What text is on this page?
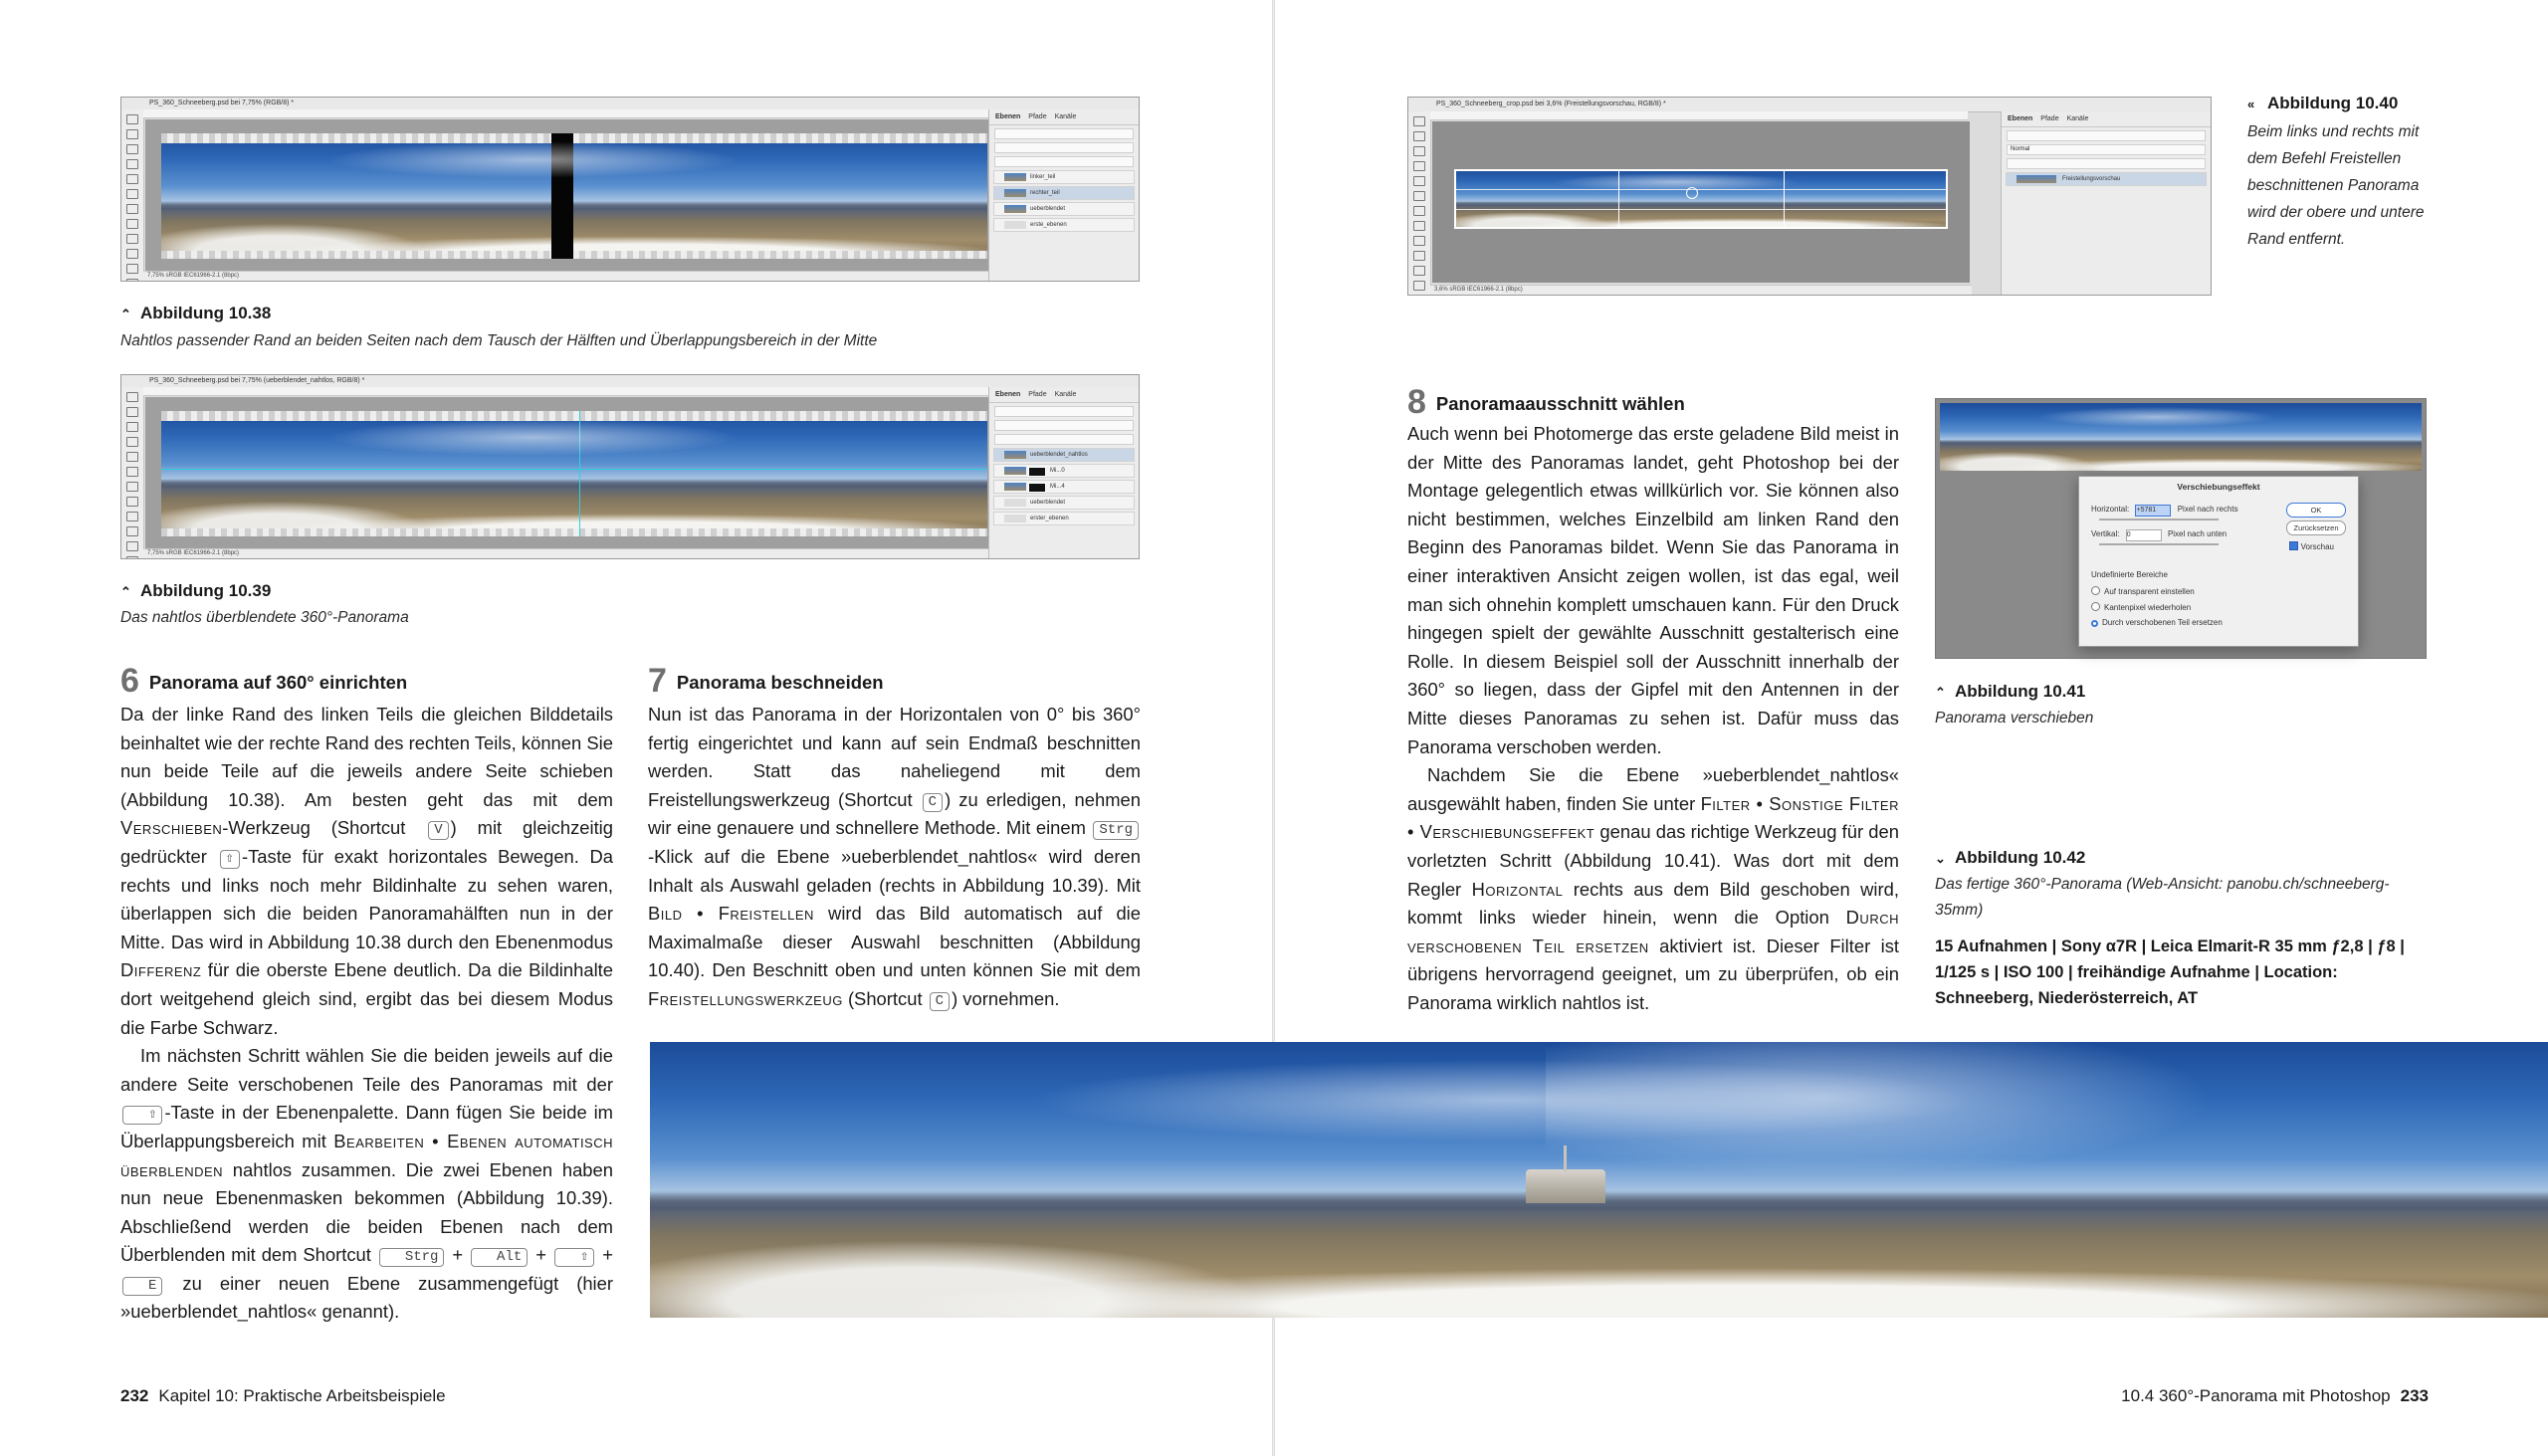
PS_360_Schneeberg.psd bei 7,75% (RGB/8) *
7,75% sRGB IEC61966-2.1 (8bpc)
Ebenen Pfade Kanäle
linker_teil
rechter_teil
ueberblendet
erste_ebenen
⌃ Abbildung 10.38
Nahtlos passender Rand an beiden Seiten nach dem Tausch der Hälften und Überlappungsbereich in der Mitte
PS_360_Schneeberg.psd bei 7,75% (ueberblendet_nahtlos, RGB/8) *
7,75% sRGB IEC61966-2.1 (8bpc)
Ebenen Pfade Kanäle
ueberblendet_nahtlos
Mi...0
Mi...4
ueberblendet
erster_ebenen
⌃ Abbildung 10.39
Das nahtlos überblendete 360°-Panorama
6 Panorama auf 360° einrichten

Da der linke Rand des linken Teils die gleichen Bilddetails beinhaltet wie der rechte Rand des rechten Teils, können Sie nun beide Teile auf die jeweils andere Seite schieben (Abbildung 10.38). Am besten geht das mit dem Verschieben-Werkzeug (Shortcut V ) mit gleichzeitig gedrückter ⇧ -Taste für exakt horizontales Bewegen. Da rechts und links noch mehr Bildinhalte zu sehen waren, überlappen sich die beiden Panoramahälften nun in der Mitte. Das wird in Abbildung 10.38 durch den Ebenenmodus Differenz für die oberste Ebene deutlich. Da die Bildinhalte dort weitgehend gleich sind, ergibt das bei diesem Modus die Farbe Schwarz.

Im nächsten Schritt wählen Sie die beiden jeweils auf die andere Seite verschobenen Teile des Panoramas mit der ⇧ -Taste in der Ebenenpalette. Dann fügen Sie beide im Überlappungsbereich mit Bearbeiten • Ebenen automatisch überblenden nahtlos zusammen. Die zwei Ebenen haben nun neue Ebenenmasken bekommen (Abbildung 10.39). Abschließend werden die beiden Ebenen nach dem Überblenden mit dem Shortcut Strg + Alt + ⇧ + E zu einer neuen Ebene zusammengefügt (hier »ueberblendet_nahtlos« genannt).

7 Panorama beschneiden

Nun ist das Panorama in der Horizontalen von 0° bis 360° fertig eingerichtet und kann auf sein Endmaß beschnitten werden. Statt das naheliegend mit dem Freistellungswerkzeug (Shortcut C ) zu erledigen, nehmen wir eine genauere und schnellere Methode. Mit einem Strg-Klick auf die Ebene »ueberblendet_nahtlos« wird deren Inhalt als Auswahl geladen (rechts in Abbildung 10.39). Mit Bild • Freistellen wird das Bild automatisch auf die Maximalmaße dieser Auswahl beschnitten (Abbildung 10.40). Den Beschnitt oben und unten können Sie mit dem Freistellungswerkzeug (Shortcut C ) vornehmen.

PS_360_Schneeberg_crop.psd bei 3,6% (Freistellungsvorschau, RGB/8) *
3,6% sRGB IEC61966-2.1 (8bpc)
Ebenen Pfade Kanäle
Normal
Freistellungsvorschau
« Abbildung 10.40
Beim links und rechts mit dem Befehl Freistellen beschnittenen Panorama wird der obere und untere Rand entfernt.
8 Panoramaausschnitt wählen

Auch wenn bei Photomerge das erste geladene Bild meist in der Mitte des Panoramas landet, geht Photoshop bei der Montage gelegentlich etwas willkürlich vor. Sie können also nicht bestimmen, welches Einzelbild am linken Rand den Beginn des Panoramas bildet. Wenn Sie das Panorama in einer interaktiven Ansicht zeigen wollen, ist das egal, weil man sich ohnehin komplett umschauen kann. Für den Druck hingegen spielt der gewählte Ausschnitt gestalterisch eine Rolle. In diesem Beispiel soll der Ausschnitt innerhalb der 360° so liegen, dass der Gipfel mit den Antennen in der Mitte dieses Panoramas zu sehen ist. Dafür muss das Panorama verschoben werden.

Nachdem Sie die Ebene »ueberblendet_nahtlos« ausgewählt haben, finden Sie unter Filter • Sonstige Filter • Verschiebungseffekt genau das richtige Werkzeug für den vorletzten Schritt (Abbildung 10.41). Was dort mit dem Regler Horizontal rechts aus dem Bild geschoben wird, kommt links wieder hinein, wenn die Option Durch verschobenen Teil ersetzen aktiviert ist. Dieser Filter ist übrigens hervorragend geeignet, um zu überprüfen, ob ein Panorama wirklich nahtlos ist.

Verschiebungseffekt
Horizontal: +5781	Pixel nach rechts
Vertikal: 0	Pixel nach unten
OK
Zurücksetzen
Vorschau
Undefinierte Bereiche
Auf transparent einstellen
Kantenpixel wiederholen
Durch verschobenen Teil ersetzen
⌃ Abbildung 10.41
Panorama verschieben
⌄ Abbildung 10.42
Das fertige 360°-Panorama (Web-Ansicht: panobu.ch/schneeberg-35mm)
15 Aufnahmen | Sony α7R | Leica Elmarit-R 35 mm ƒ2,8 | ƒ8 | 1/125 s | ISO 100 | freihändige Aufnahme | Location: Schneeberg, Niederösterreich, AT
232 Kapitel 10: Praktische Arbeitsbeispiele	10.4 360°-Panorama mit Photoshop 233
